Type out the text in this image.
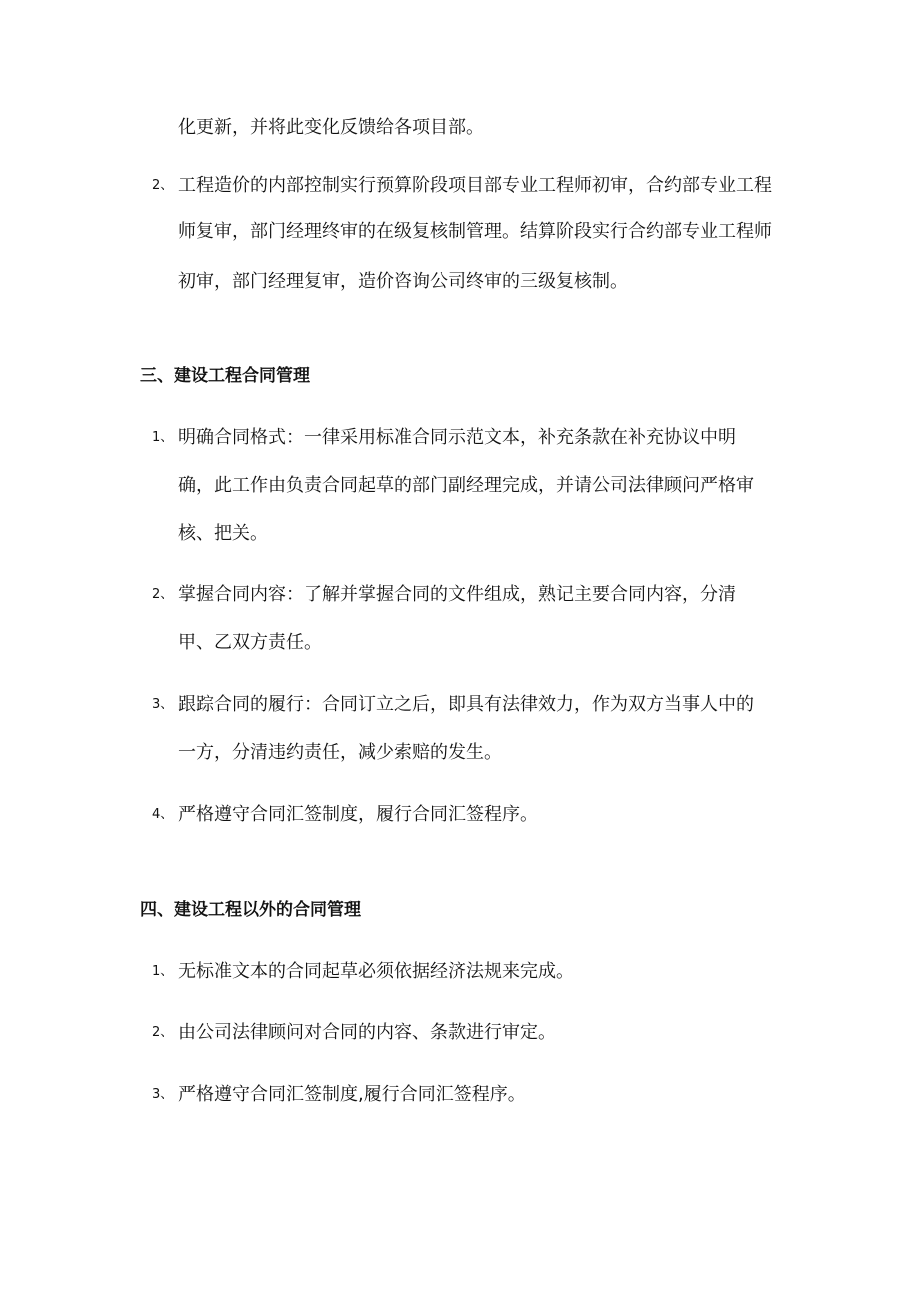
化更新，并将此变化反馈给各项目部。
2、 工程造价的内部控制实行预算阶段项目部专业工程师初审，合约部专业工程
师复审，部门经理终审的在级复核制管理。结算阶段实行合约部专业工程师
初审，部门经理复审，造价咨询公司终审的三级复核制。
三、建设工程合同管理
1、 明确合同格式：一律采用标准合同示范文本，补充条款在补充协议中明
确，此工作由负责合同起草的部门副经理完成，并请公司法律顾问严格审
核、把关。
2、 掌握合同内容：了解并掌握合同的文件组成，熟记主要合同内容，分清
甲、乙双方责任。
3、 跟踪合同的履行：合同订立之后，即具有法律效力，作为双方当事人中的
一方，分清违约责任，减少索赔的发生。
4、 严格遵守合同汇签制度，履行合同汇签程序。
四、建设工程以外的合同管理
1、 无标准文本的合同起草必须依据经济法规来完成。
2、 由公司法律顾问对合同的内容、条款进行审定。
3、 严格遵守合同汇签制度,履行合同汇签程序。
